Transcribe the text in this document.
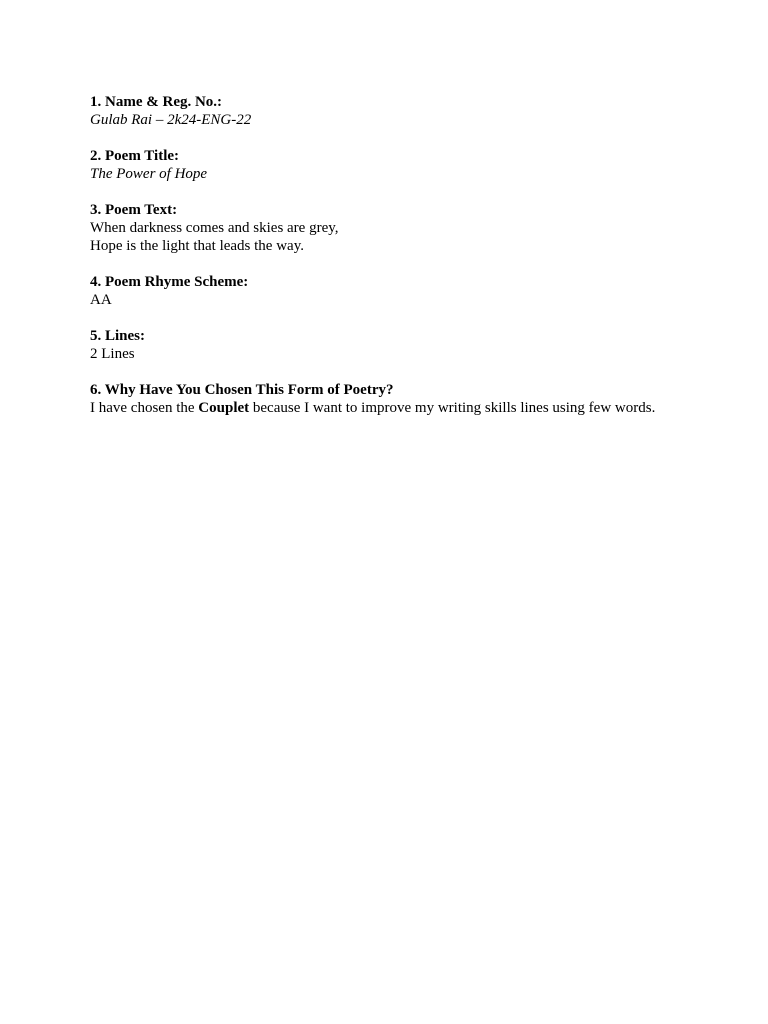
1. Name & Reg. No.:
Gulab Rai – 2k24-ENG-22
2. Poem Title:
The Power of Hope
3. Poem Text:
When darkness comes and skies are grey,
Hope is the light that leads the way.
4. Poem Rhyme Scheme:
AA
5. Lines:
2 Lines
6. Why Have You Chosen This Form of Poetry?
I have chosen the Couplet because I want to improve my writing skills lines using few words.
